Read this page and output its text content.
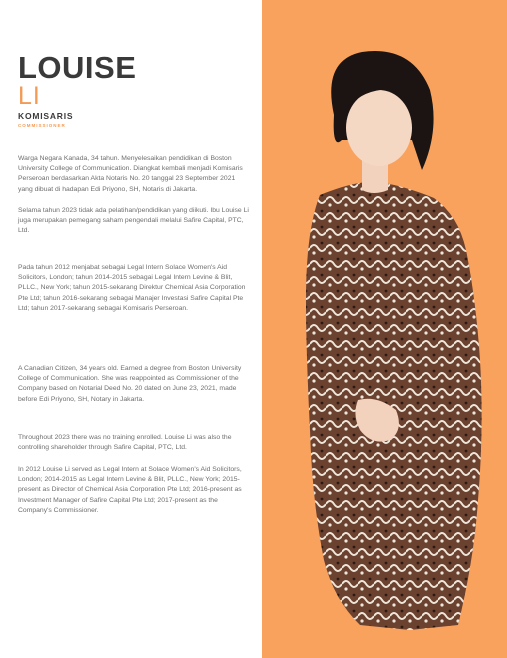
LOUISE
LI
KOMISARIS
COMMISSIONER

Warga Negara Kanada, 34 tahun. Menyelesaikan pendidikan di Boston University College of Communication. Diangkat kembali menjadi Komisaris Perseroan berdasarkan Akta Notaris No. 20 tanggal 23 September 2021 yang dibuat di hadapan Edi Priyono, SH, Notaris di Jakarta.

Selama tahun 2023 tidak ada pelatihan/pendidikan yang diikuti. Ibu Louise Li juga merupakan pemegang saham pengendali melalui Safire Capital, PTC, Ltd.

Pada tahun 2012 menjabat sebagai Legal Intern Solace Women's Aid Solicitors, London; tahun 2014-2015 sebagai Legal Intern Levine & Blit, PLLC., New York; tahun 2015-sekarang Direktur Chemical Asia Corporation Pte Ltd; tahun 2016-sekarang sebagai Manajer Investasi Safire Capital Pte Ltd; tahun 2017-sekarang sebagai Komisaris Perseroan.

A Canadian Citizen, 34 years old. Earned a degree from Boston University College of Communication. She was reappointed as Commissioner of the Company based on Notarial Deed No. 20 dated on June 23, 2021, made before Edi Priyono, SH, Notary in Jakarta.

Throughout 2023 there was no training enrolled. Louise Li was also the controlling shareholder through Safire Capital, PTC, Ltd.

In 2012 Louise Li served as Legal Intern at Solace Women's Aid Solicitors, London; 2014-2015 as Legal Intern Levine & Blit, PLLC., New York; 2015-present as Director of Chemical Asia Corporation Pte Ltd; 2016-present as Investment Manager of Safire Capital Pte Ltd; 2017-present as the Company's Commissioner.
